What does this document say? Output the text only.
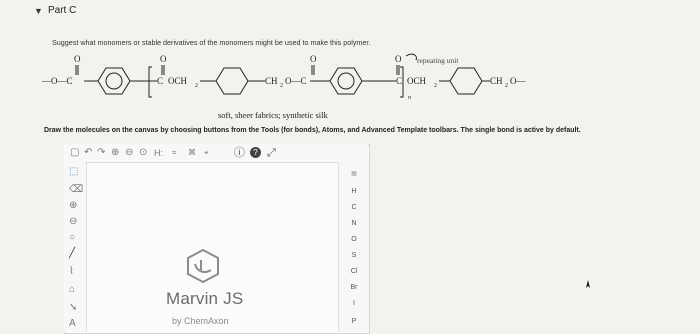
▼ Part C
Suggest what monomers or stable derivatives of the monomers might be used to make this polymer.
—O—C
O
C
O
OCH 2	CH 2 O—C
O
C
O
OCH 2	CH 2 O—
repeating unit
n
soft, sheer fabrics; synthetic silk
Draw the molecules on the canvas by choosing buttons from the Tools (for bonds), Atoms, and Advanced Template toolbars. The single bond is active by default.
▢ ↶ ↷ ⊕ ⊖ ⊙ H: ⌗ ⌘ ⌖ ⓘ	? ⤢
⬚
⌫
⊕
⊖
○
╱
⌇
⌂
➘
A
▦
H
C
N
O
S
Cl
Br
I
P
Marvin JS
by ChemAxon
